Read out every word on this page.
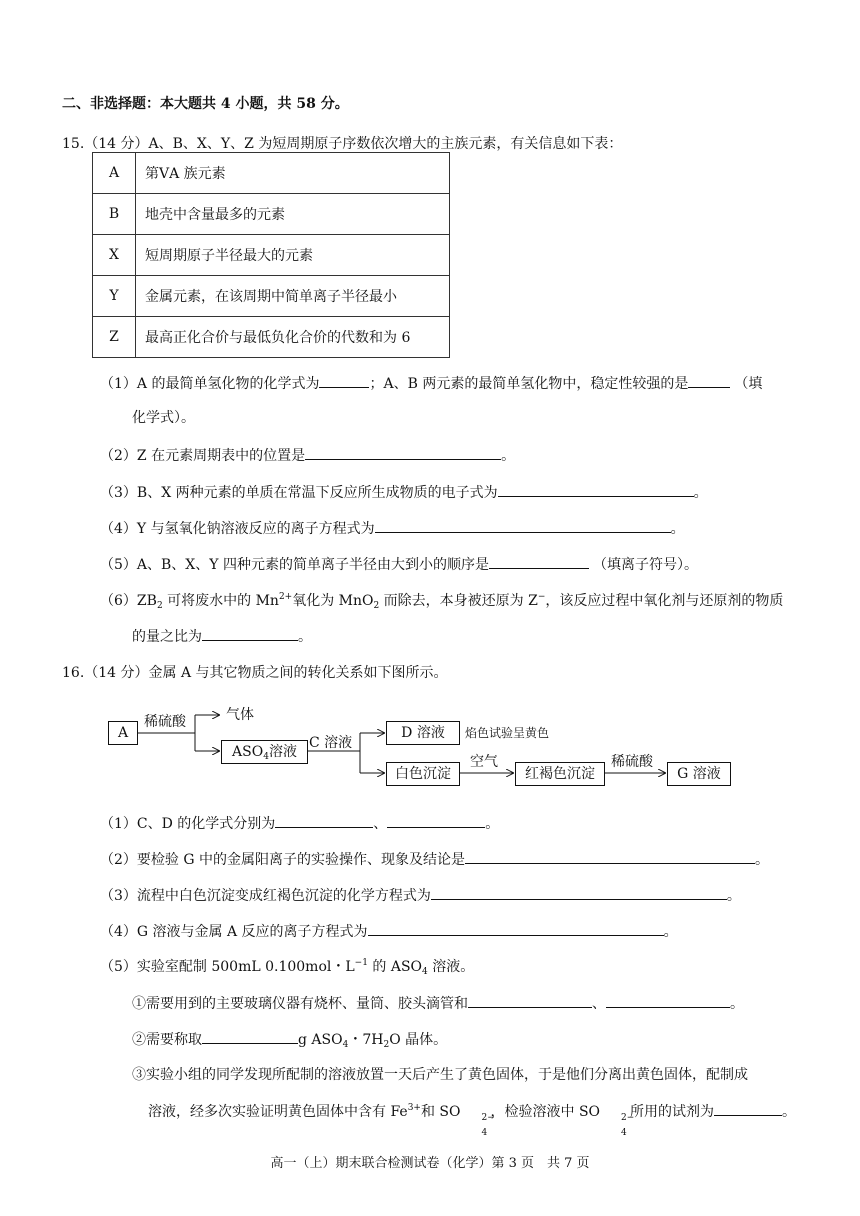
二、非选择题：本大题共 4 小题，共 58 分。
15.（14 分）A、B、X、Y、Z 为短周期原子序数依次增大的主族元素，有关信息如下表：
A	第ⅤA 族元素
B	地壳中含量最多的元素
X	短周期原子半径最大的元素
Y	金属元素，在该周期中简单离子半径最小
Z	最高正化合价与最低负化合价的代数和为 6
（1）A 的最简单氢化物的化学式为	；A、B 两元素的最简单氢化物中，稳定性较强的是	（填
化学式）。
（2）Z 在元素周期表中的位置是	。
（3）B、X 两种元素的单质在常温下反应所生成物质的电子式为	。
（4）Y 与氢氧化钠溶液反应的离子方程式为	。
（5）A、B、X、Y 四种元素的简单离子半径由大到小的顺序是	（填离子符号）。
$(6)ZB_2$ 可将废水中的 $Mn^{2+}$氧化为 MnO$_2$ 而除去，本身被还原为 Z−，该反应过程中氧化剂与还原剂的物质
的量之比为	。
16.（14 分）金属 A 与其它物质之间的转化关系如下图所示。
A
稀硫酸	气体
$ASO_4$溶液
C 溶液
D 溶液	焰色试验呈黄色
白色沉淀
空气
红褐色沉淀
稀硫酸
G 溶液
（1）C、D 的化学式分别为	、	。
（2）要检验 G 中的金属阳离子的实验操作、现象及结论是	。
（3）流程中白色沉淀变成红褐色沉淀的化学方程式为	。
（4）G 溶液与金属 A 反应的离子方程式为	。
（5）实验室配制 500mL 0.100mol・$L^{-1}$ 的 $ASO_4$ 溶液。
①需要用到的主要玻璃仪器有烧杯、量筒、胶头滴管和	、	。
②需要称取	g $ASO_4$・$7H_2O$ 晶体。
③实验小组的同学发现所配制的溶液放置一天后产生了黄色固体，于是他们分离出黄色固体，配制成
溶液，经多次实验证明黄色固体中含有 $Fe^{3+}$和 SO 2−
4
，检验溶液中 SO 2−
4
所用的试剂为	。
高一（上）期末联合检测试卷（化学）第 3 页　共 7 页
